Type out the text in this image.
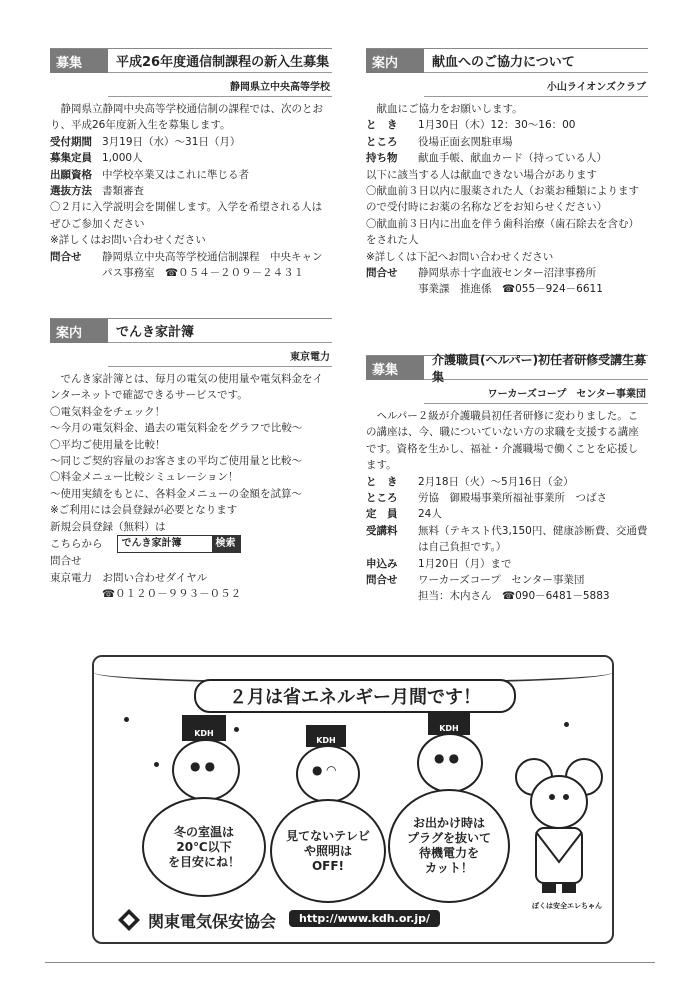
募集	平成26年度通信制課程の新入生募集
静岡県立中央高等学校

静岡県立静岡中央高等学校通信制の課程では、次のとおり、平成26年度新入生を募集します。

受付期間 3月19日（水）～31日（月）
募集定員 1,000人
出願資格 中学校卒業又はこれに準じる者
選抜方法 書類審査

〇２月に入学説明会を開催します。入学を希望される人はぜひご参加ください

※詳しくはお問い合わせください

問合せ	静岡県立中央高等学校通信制課程　中央キャンパス事務室　☎０５４－２０９－２４３１
案内	でんき家計簿
東京電力

でんき家計簿とは、毎月の電気の使用量や電気料金をインターネットで確認できるサービスです。

〇電気料金をチェック！

～今月の電気料金、過去の電気料金をグラフで比較～

〇平均ご使用量を比較！

～同じご契約容量のお客さまの平均ご使用量と比較～

〇料金メニュー比較シミュレーション！

～使用実績をもとに、各料金メニューの金額を試算～

※ご利用には会員登録が必要となります

新規会員登録（無料）は

こちらから	でんき家計簿	検索

問合せ

東京電力　お問い合わせダイヤル

☎０１２０－９９３－０５２

案内	献血へのご協力について
小山ライオンズクラブ

献血にご協力をお願いします。

と　き	1月30日（木）12：30～16：00
ところ	役場正面玄関駐車場
持ち物	献血手帳、献血カード（持っている人）

以下に該当する人は献血できない場合があります

〇献血前３日以内に服薬された人（お薬お種類によりますので受付時にお薬の名称などをお知らせください）

〇献血前３日内に出血を伴う歯科治療（歯石除去を含む）をされた人

※詳しくは下記へお問い合わせください

問合せ	静岡県赤十字血液センター沼津事務所

事業課　推進係　☎055－924－6611

募集
介護職員(ヘルパー)初任者研修受講生募集
ワーカーズコープ　センター事業団

ヘルパー２級が介護職員初任者研修に変わりました。この講座は、今、職についていない方の求職を支援する講座です。資格を生かし、福祉・介護職場で働くことを応援します。

と　き	2月18日（火）～5月16日（金）
ところ	労協　御殿場事業所福祉事業所　つばさ
定　員	24人
受講料	無料（テキスト代3,150円、健康診断費、交通費は自己負担です。）
申込み	1月20日（月）まで
問合せ	ワーカーズコープ　センター事業団

担当：木内さん　☎090－6481－5883

２月は省エネルギー月間です！
KDH
● ●
冬の室温は
20℃以下
を目安にね！
KDH
● ◠
見てないテレビ
や照明は
OFF!
KDH
● ●
お出かけ時は
プラグを抜いて
待機電力を
カット！
ぼくは安全エレちゃん
関東電気保安協会	http://www.kdh.or.jp/
